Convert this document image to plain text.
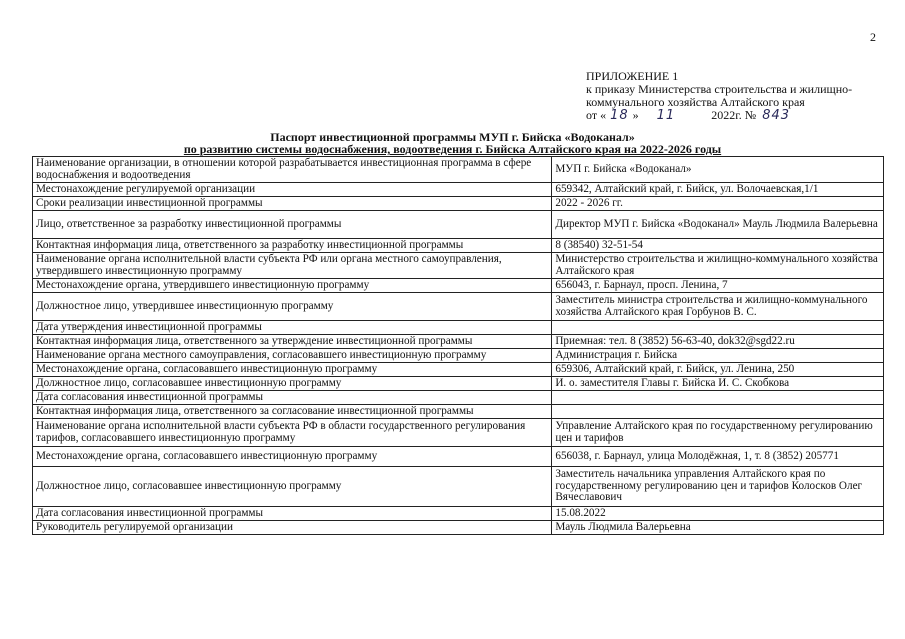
2
ПРИЛОЖЕНИЕ 1
к приказу Министерства строительства и жилищно-
коммунального хозяйства Алтайского края
от « 18 » 11	2022г. № 843
Паспорт инвестиционной программы МУП г. Бийска «Водоканал»
по развитию системы водоснабжения, водоотведения г. Бийска Алтайского края на 2022-2026 годы
Наименование организации, в отношении которой разрабатывается инвестиционная программа в сфере водоснабжения и водоотведения	МУП г. Бийска «Водоканал»
Местонахождение регулируемой организации	659342, Алтайский край, г. Бийск, ул. Волочаевская,1/1
Сроки реализации инвестиционной программы	2022 - 2026 гг.
Лицо, ответственное за разработку инвестиционной программы	Директор МУП г. Бийска «Водоканал» Мауль Людмила Валерьевна
Контактная информация лица, ответственного за разработку инвестиционной программы	8 (38540) 32-51-54
Наименование органа исполнительной власти субъекта РФ или органа местного самоуправления, утвердившего инвестиционную программу	Министерство строительства и жилищно-коммунального хозяйства Алтайского края
Местонахождение органа, утвердившего инвестиционную программу	656043, г. Барнаул, просп. Ленина, 7
Должностное лицо, утвердившее инвестиционную программу	Заместитель министра строительства и жилищно-коммунального хозяйства Алтайского края Горбунов В. С.
Дата утверждения инвестиционной программы	
Контактная информация лица, ответственного за утверждение инвестиционной программы	Приемная: тел. 8 (3852) 56-63-40, dok32@sgd22.ru
Наименование органа местного самоуправления, согласовавшего инвестиционную программу	Администрация г. Бийска
Местонахождение органа, согласовавшего инвестиционную программу	659306, Алтайский край, г. Бийск, ул. Ленина, 250
Должностное лицо, согласовавшее инвестиционную программу	И. о. заместителя Главы г. Бийска И. С. Скобкова
Дата согласования инвестиционной программы	
Контактная информация лица, ответственного за согласование инвестиционной программы	
Наименование органа исполнительной власти субъекта РФ в области государственного регулирования тарифов, согласовавшего инвестиционную программу	Управление Алтайского края по государственному регулированию цен и тарифов
Местонахождение органа, согласовавшего инвестиционную программу	656038, г. Барнаул, улица Молодёжная, 1, т. 8 (3852) 205771
Должностное лицо, согласовавшее инвестиционную программу	Заместитель начальника управления Алтайского края по государственному регулированию цен и тарифов Колосков Олег Вячеславович
Дата согласования инвестиционной программы	15.08.2022
Руководитель регулируемой организации	Мауль Людмила Валерьевна
